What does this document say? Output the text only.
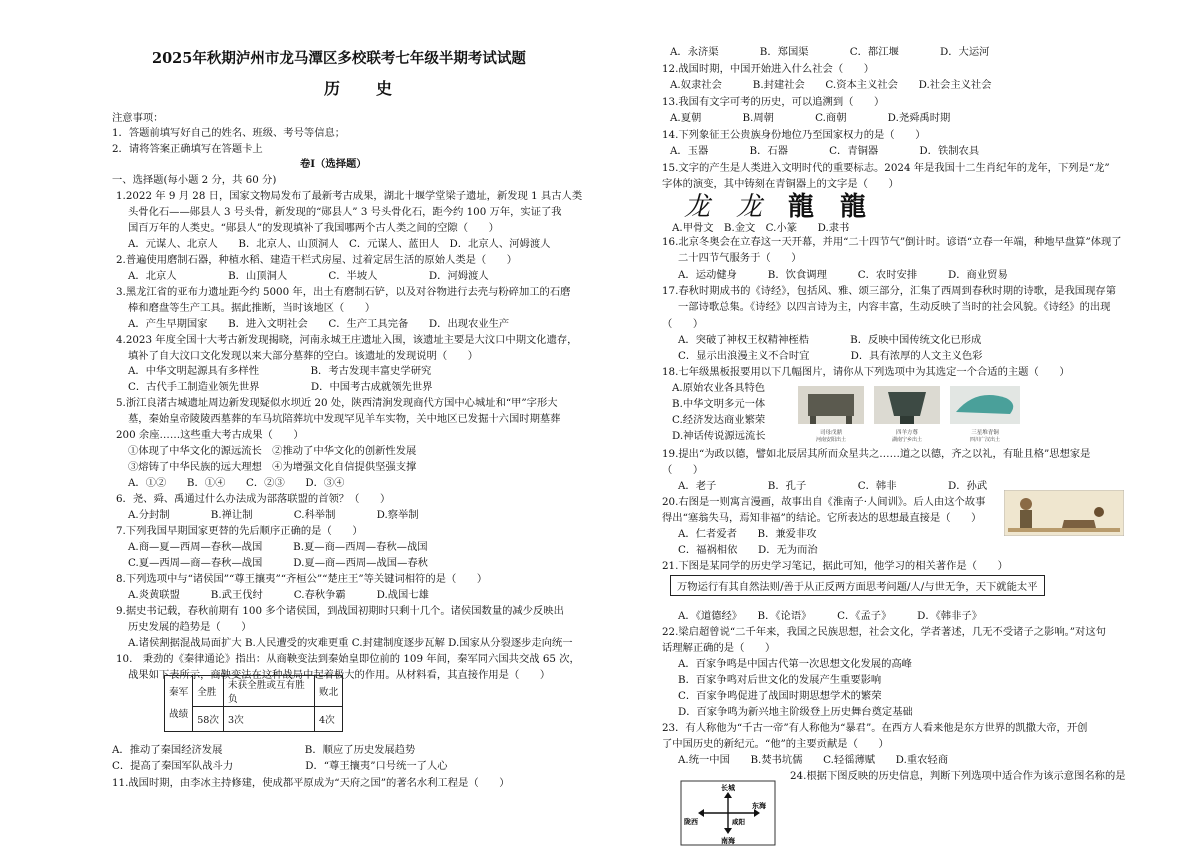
2025年秋期泸州市龙马潭区多校联考七年级半期考试试题
历史
注意事项：
1．答题前填写好自己的姓名、班级、考号等信息；
2．请将答案正确填写在答题卡上
卷I（选择题）
一、选择题(每小题 2 分，共 60 分)
1.2022 年 9 月 28 日，国家文物局发布了最新考古成果，湖北十堰学堂梁子遗址，新发现 1 具古人类
头骨化石——郧县人 3 号头骨，新发现的“郧县人” 3 号头骨化石，距今约 100 万年，实证了我
国百万年的人类史。“郧县人”的发现填补了我国哪两个古人类之间的空隙（　　）
A．元谋人、北京人　　B．北京人、山顶洞人　C．元谋人、蓝田人　D．北京人、河姆渡人
2.普遍使用磨制石器，种植水稻、建造干栏式房屋、过着定居生活的原始人类是（　　）
A．北京人　　　　　B．山顶洞人　　　　C．半坡人　　　　　D．河姆渡人
3.黑龙江省的亚布力遗址距今约 5000 年，出土有磨制石铲，以及对谷物进行去壳与粉碎加工的石磨
棒和磨盘等生产工具。据此推断，当时该地区（　　）
A．产生早期国家　　B．进入文明社会　　C．生产工具完备　　D．出现农业生产
4.2023 年度全国十大考古新发现揭晓，河南永城王庄遗址入围，该遗址主要是大汶口中期文化遗存，
填补了自大汶口文化发现以来大部分墓葬的空白。该遗址的发现说明（　　）
A．中华文明起源具有多样性　　　　　B．考古发现丰富史学研究
C．古代手工制造业领先世界　　　　　D．中国考古成就领先世界
5.浙江良渚古城遗址周边新发现疑似水坝近 20 处，陕西清涧发现商代方国中心城址和“甲”字形大
墓，秦始皇帝陵陵西墓葬的车马坑陪葬坑中发现罕见羊车实物，关中地区已发掘十六国时期墓葬
200 余座……这些重大考古成果（　　）
①体现了中华文化的源远流长　②推动了中华文化的创新性发展
③熔铸了中华民族的远大理想　④为增强文化自信提供坚强支撑
A．①②　　B．①④　　C．②③　　D．③④
6．尧、舜、禹通过什么办法成为部落联盟的首领？（　　）
A.分封制　　　　B.禅让制　　　　C.科举制　　　　D.察举制
7.下列我国早期国家更替的先后顺序正确的是（　　）
A.商—夏—西周—春秋—战国　　　B.夏—商—西周—春秋—战国
C.夏—西周—商—春秋—战国　　　D.夏—商—西周—战国—春秋
8.下列选项中与“诸侯国”“尊王攘夷”“齐桓公”“楚庄王”等关键词相符的是（　　）
A.炎黄联盟　　　B.武王伐纣　　　C.春秋争霸　　　D.战国七雄
9.据史书记载，春秋前期有 100 多个诸侯国，到战国初期时只剩十几个。诸侯国数量的减少反映出
历史发展的趋势是（　　）
A.诸侯割据混战局面扩大 B.人民遭受的灾难更重 C.封建制度逐步瓦解 D.国家从分裂逐步走向统一
10.　秉劲的《秦律通论》指出：从商鞅变法到秦始皇即位前的 109 年间，秦军同六国共交战 65 次，
战果如下表所示，商鞅变法在这种战局中起着极大的作用。从材料看，其直接作用是（　　）
秦军
战绩	全胜	未获全胜或互有胜负	败北
	58次	3次	4次
A．推动了秦国经济发展　　　　　　　　B．顺应了历史发展趋势
C．提高了秦国军队战斗力　　　　　　　D．“尊王攘夷”口号统一了人心
11.战国时期，由李冰主持修建，使成都平原成为“天府之国”的著名水利工程是（　　）
A．永济渠　　　　B．郑国渠　　　　C．都江堰　　　　D．大运河
12.战国时期，中国开始进入什么社会（　　）
A.奴隶社会　　　B.封建社会　　C.资本主义社会　　D.社会主义社会
13.我国有文字可考的历史，可以追溯到（　　）
A.夏朝　　　　B.周朝　　　　C.商朝　　　　D.尧舜禹时期
14.下列象征王公贵族身份地位乃至国家权力的是（　　）
A．玉器　　　　B．石器　　　　C．青铜器　　　　D．铁制农具
15.文字的产生是人类进入文明时代的重要标志。2024 年是我国十二生肖纪年的龙年，下列是“龙”
字体的演变，其中铸刻在青铜器上的文字是（　　）
龙龙龍龍
A.甲骨文　B.金文　C.小篆　　D.隶书
16.北京冬奥会在立春这一天开幕，并用“二十四节气”倒计时。谚语“立春一年端，种地早盘算”体现了
二十四节气服务于（　　）
A．运动健身　　　B．饮食调理　　　C．农时安排　　　D．商业贸易
17.春秋时期成书的《诗经》，包括风、雅、颂三部分，汇集了西周到春秋时期的诗歌，是我国现存第
一部诗歌总集。《诗经》以四言诗为主，内容丰富，生动反映了当时的社会风貌。《诗经》的出现
（　　）
A．突破了神权王权精神桎梏　　　　B．反映中国传统文化已形成
C．显示出浪漫主义不合时宜　　　　D．具有浓厚的人文主义色彩
18.七年级黑板报要用以下几幅图片，请你从下列选项中为其选定一个合适的主题（　　）
A.原始农业各具特色
B.中华文明多元一体
C.经济发达商业繁荣
D.神话传说源远流长	司母戊鼎
河南安阳出土
四羊方尊
湖南宁乡出土
三星堆青铜
四川广汉出土
19.提出“为政以德，譬如北辰居其所而众星共之……道之以德，齐之以礼，有耻且格”思想家是
（　　）
A．老子　　　　　B．孔子　　　　　C．韩非　　　　　D．孙武
20.右图是一则寓言漫画，故事出自《淮南子·人间训》。后人由这个故事
得出“塞翁失马，焉知非福”的结论。它所表达的思想最直接是（　　）
A．仁者爱者　　B．兼爱非攻
C．福祸相依　　D．无为而治
21.下图是某同学的历史学习笔记，据此可知，他学习的相关著作是（　　）
万物运行有其自然法则/善于从正反两方面思考问题/人/与世无争，天下就能太平
A．《道德经》　　B．《论语》　　　C．《孟子》　　　D．《韩非子》
22.梁启超曾说“二千年来，我国之民族思想，社会文化，学者著述，几无不受诸子之影响。”对这句
话理解正确的是（　　）
A．百家争鸣是中国古代第一次思想文化发展的高峰
B．百家争鸣对后世文化的发展产生重要影响
C．百家争鸣促进了战国时期思想学术的繁荣
D．百家争鸣为新兴地主阶级登上历史舞台奠定基础
23．有人称他为“千古一帝”有人称他为“暴君”。在西方人看来他是东方世界的凯撒大帝，开创
了中国历史的新纪元。“他”的主要贡献是（　　）
A.统一中国　　B.焚书坑儒　　C.轻徭薄赋　　D.重农轻商
24.根据下图反映的历史信息，判断下列选项中适合作为该示意图名称的是
长城
南海
陇西
东海
咸阳
